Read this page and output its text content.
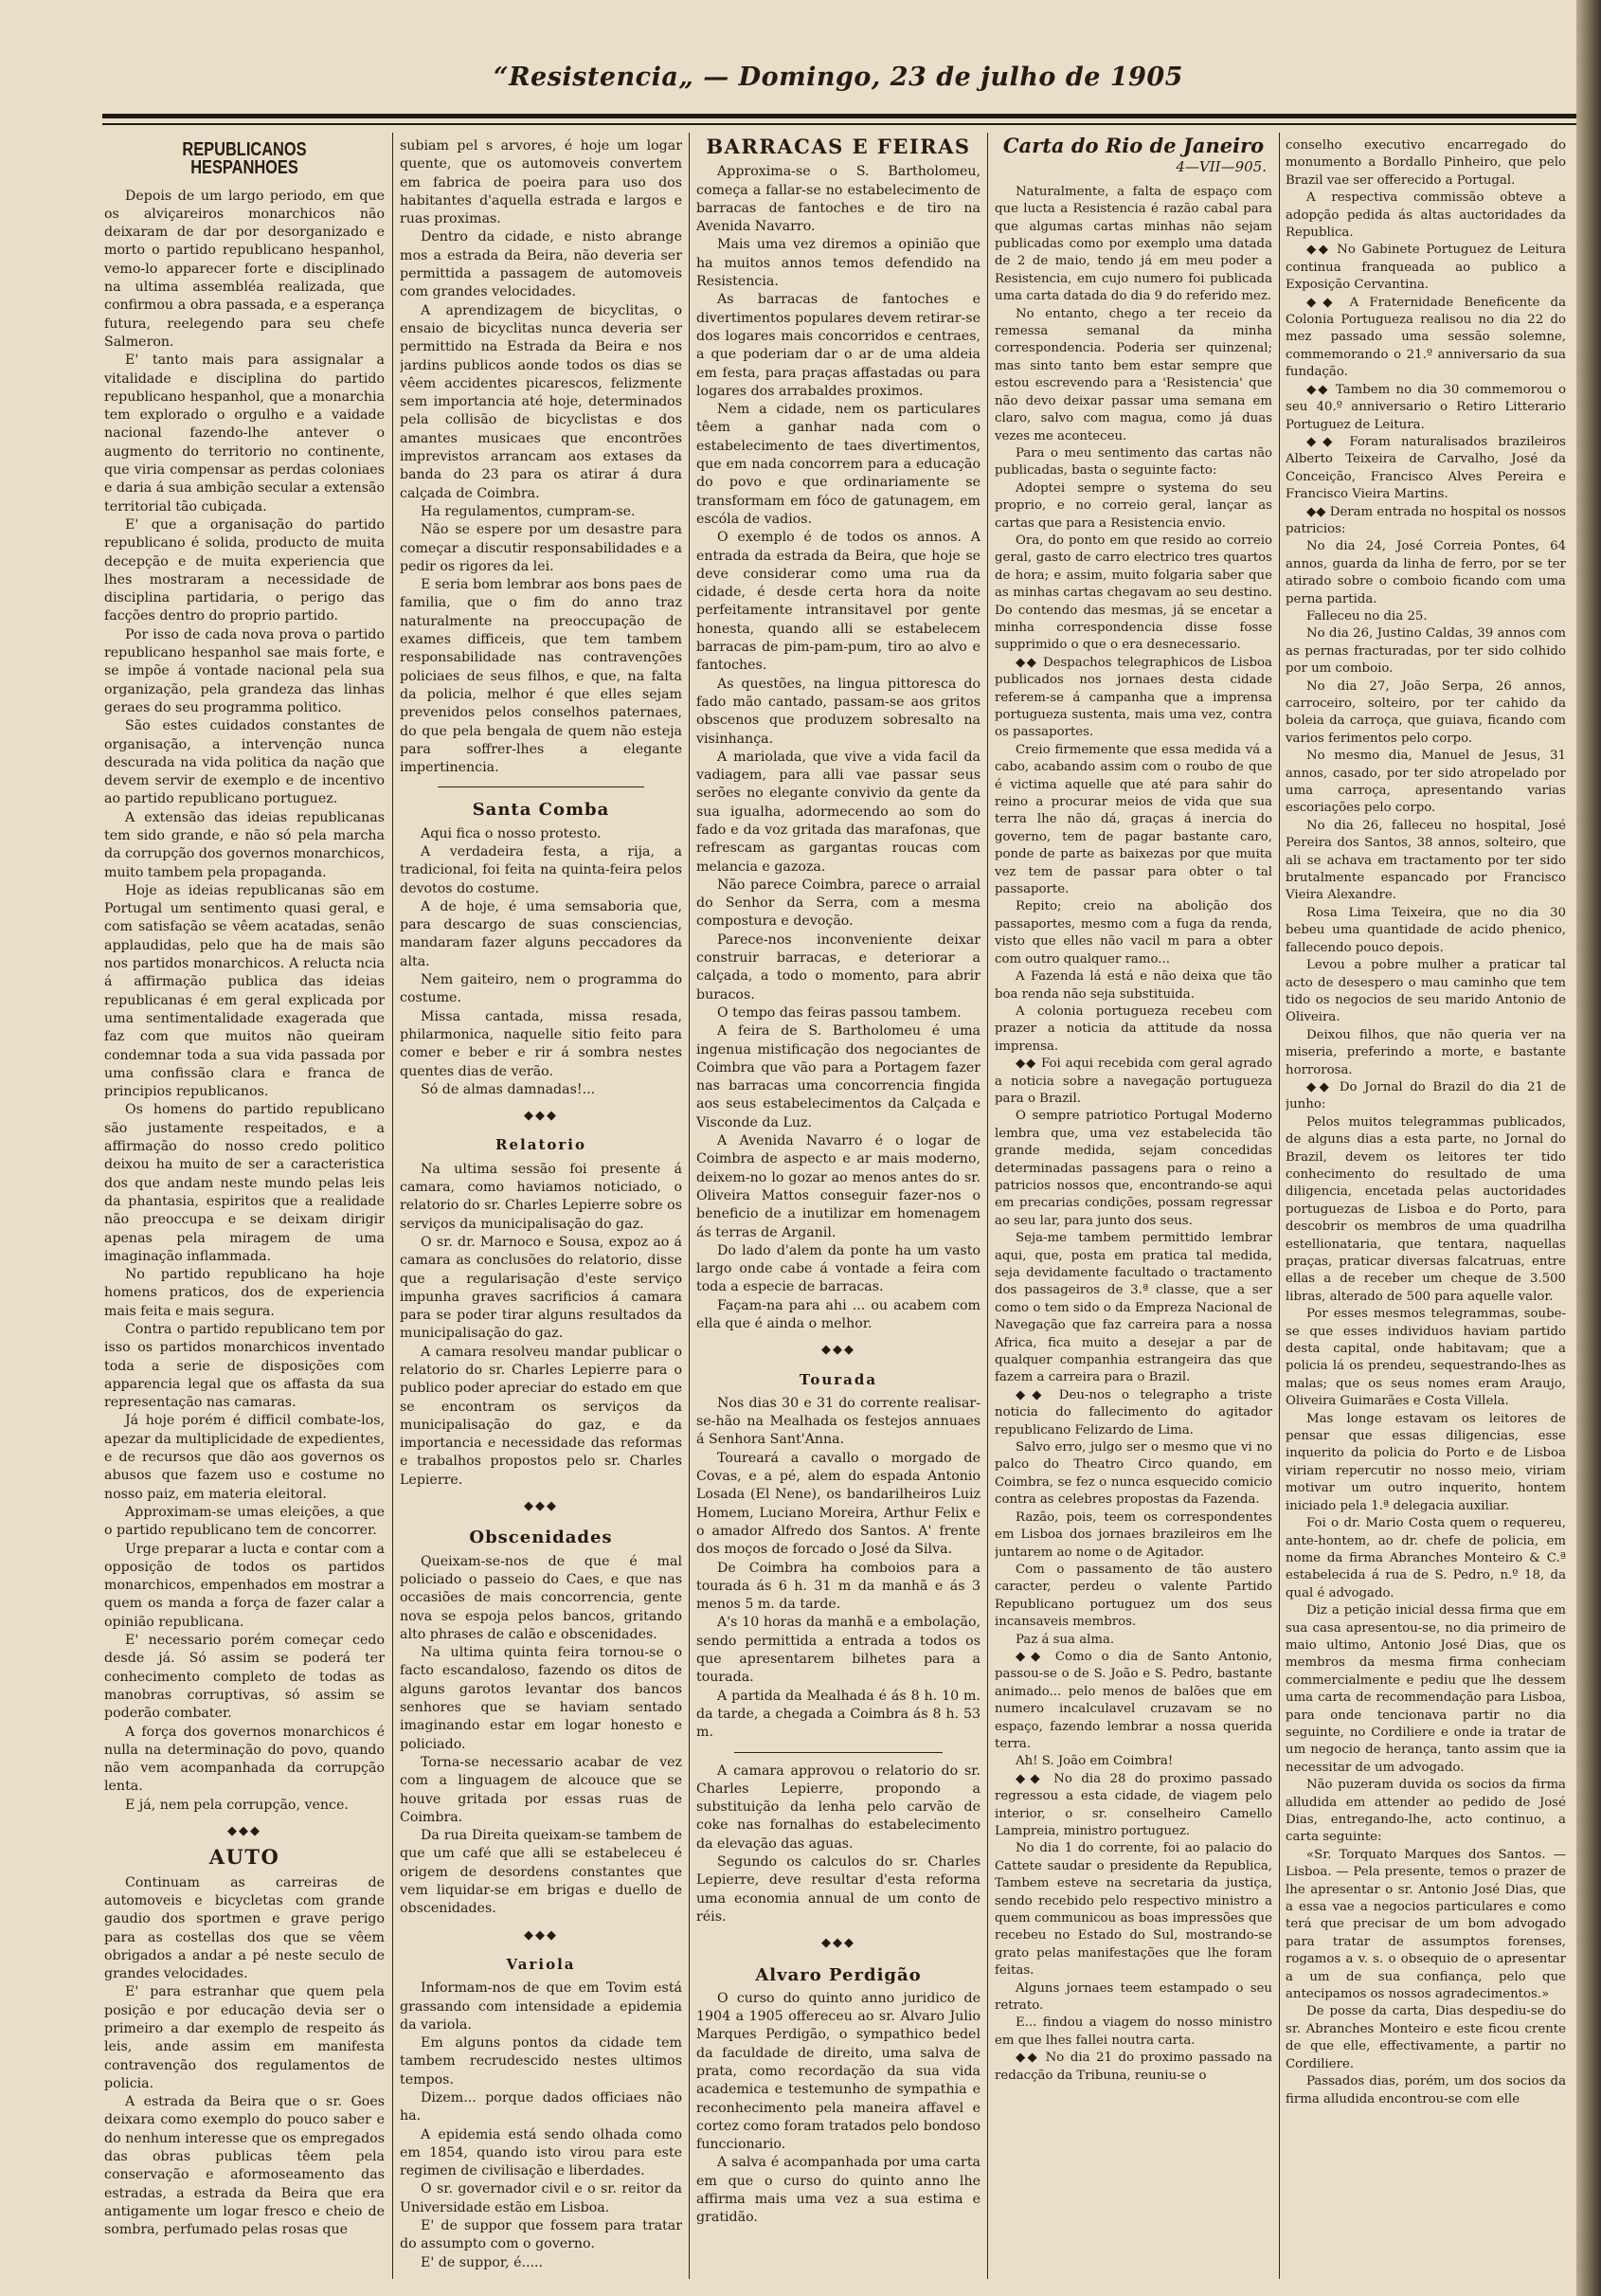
“Resistencia„ — Domingo, 23 de julho de 1905
REPUBLICANOS HESPANHOES

Depois de um largo periodo, em que os alviçareiros monarchicos não deixaram de dar por desorganizado e morto o partido republicano hespanhol, vemo-lo apparecer forte e disciplinado na ultima assembléa realizada, que confirmou a obra passada, e a esperança futura, reelegendo para seu chefe Salmeron.

E' tanto mais para assignalar a vitalidade e disciplina do partido republicano hespanhol, que a monarchia tem explorado o orgulho e a vaidade nacional fazendo-lhe antever o augmento do territorio no continente, que viria compensar as perdas coloniaes e daria á sua ambição secular a extensão territorial tão cubiçada.

E' que a organisação do partido republicano é solida, producto de muita decepção e de muita experiencia que lhes mostraram a necessidade de disciplina partidaria, o perigo das facções dentro do proprio partido.

Por isso de cada nova prova o partido republicano hespanhol sae mais forte, e se impõe á vontade nacional pela sua organização, pela grandeza das linhas geraes do seu programma politico.

São estes cuidados constantes de organisação, a intervenção nunca descurada na vida politica da nação que devem servir de exemplo e de incentivo ao partido republicano portuguez.

A extensão das ideias republicanas tem sido grande, e não só pela marcha da corrupção dos governos monarchicos, muito tambem pela propaganda.

Hoje as ideias republicanas são em Portugal um sentimento quasi geral, e com satisfação se vêem acatadas, senão applaudidas, pelo que ha de mais são nos partidos monarchicos. A relucta ncia á affirmação publica das ideias republicanas é em geral explicada por uma sentimentalidade exagerada que faz com que muitos não queiram condemnar toda a sua vida passada por uma confissão clara e franca de principios republicanos.

Os homens do partido republicano são justamente respeitados, e a affirmação do nosso credo politico deixou ha muito de ser a caracteristica dos que andam neste mundo pelas leis da phantasia, espiritos que a realidade não preoccupa e se deixam dirigir apenas pela miragem de uma imaginação inflammada.

No partido republicano ha hoje homens praticos, dos de experiencia mais feita e mais segura.

Contra o partido republicano tem por isso os partidos monarchicos inventado toda a serie de disposições com apparencia legal que os affasta da sua representação nas camaras.

Já hoje porém é difficil combate-los, apezar da multiplicidade de expedientes, e de recursos que dão aos governos os abusos que fazem uso e costume no nosso paiz, em materia eleitoral.

Approximam-se umas eleições, a que o partido republicano tem de concorrer.

Urge preparar a lucta e contar com a opposição de todos os partidos monarchicos, empenhados em mostrar a quem os manda a força de fazer calar a opinião republicana.

E' necessario porém começar cedo desde já. Só assim se poderá ter conhecimento completo de todas as manobras corruptivas, só assim se poderão combater.

A força dos governos monarchicos é nulla na determinação do povo, quando não vem acompanhada da corrupção lenta.

E já, nem pela corrupção, vence.

◆◆◆
AUTO

Continuam as carreiras de automoveis e bicycletas com grande gaudio dos sportmen e grave perigo para as costellas dos que se vêem obrigados a andar a pé neste seculo de grandes velocidades.

E' para estranhar que quem pela posição e por educação devia ser o primeiro a dar exemplo de respeito ás leis, ande assim em manifesta contravenção dos regulamentos de policia.

A estrada da Beira que o sr. Goes deixara como exemplo do pouco saber e do nenhum interesse que os empregados das obras publicas têem pela conservação e aformoseamento das estradas, a estrada da Beira que era antigamente um logar fresco e cheio de sombra, perfumado pelas rosas que

subiam pel s arvores, é hoje um logar quente, que os automoveis convertem em fabrica de poeira para uso dos habitantes d'aquella estrada e largos e ruas proximas.

Dentro da cidade, e nisto abrange mos a estrada da Beira, não deveria ser permittida a passagem de automoveis com grandes velocidades.

A aprendizagem de bicyclitas, o ensaio de bicyclitas nunca deveria ser permittido na Estrada da Beira e nos jardins publicos aonde todos os dias se vêem accidentes picarescos, felizmente sem importancia até hoje, determinados pela collisão de bicyclistas e dos amantes musicaes que encontrões imprevistos arrancam aos extases da banda do 23 para os atirar á dura calçada de Coimbra.

Ha regulamentos, cumpram-se.

Não se espere por um desastre para começar a discutir responsabilidades e a pedir os rigores da lei.

E seria bom lembrar aos bons paes de familia, que o fim do anno traz naturalmente na preoccupação de exames difficeis, que tem tambem responsabilidade nas contravenções policiaes de seus filhos, e que, na falta da policia, melhor é que elles sejam prevenidos pelos conselhos paternaes, do que pela bengala de quem não esteja para soffrer-lhes a elegante impertinencia.

Santa Comba

Aqui fica o nosso protesto.

A verdadeira festa, a rija, a tradicional, foi feita na quinta-feira pelos devotos do costume.

A de hoje, é uma semsaboria que, para descargo de suas consciencias, mandaram fazer alguns peccadores da alta.

Nem gaiteiro, nem o programma do costume.

Missa cantada, missa resada, philarmonica, naquelle sitio feito para comer e beber e rir á sombra nestes quentes dias de verão.

Só de almas damnadas!...

◆◆◆
Relatorio

Na ultima sessão foi presente á camara, como haviamos noticiado, o relatorio do sr. Charles Lepierre sobre os serviços da municipalisação do gaz.

O sr. dr. Marnoco e Sousa, expoz ao á camara as conclusões do relatorio, disse que a regularisação d'este serviço impunha graves sacrificios á camara para se poder tirar alguns resultados da municipalisação do gaz.

A camara resolveu mandar publicar o relatorio do sr. Charles Lepierre para o publico poder apreciar do estado em que se encontram os serviços da municipalisação do gaz, e da importancia e necessidade das reformas e trabalhos propostos pelo sr. Charles Lepierre.

◆◆◆
Obscenidades

Queixam-se-nos de que é mal policiado o passeio do Caes, e que nas occasiões de mais concorrencia, gente nova se espoja pelos bancos, gritando alto phrases de calão e obscenidades.

Na ultima quinta feira tornou-se o facto escandaloso, fazendo os ditos de alguns garotos levantar dos bancos senhores que se haviam sentado imaginando estar em logar honesto e policiado.

Torna-se necessario acabar de vez com a linguagem de alcouce que se houve gritada por essas ruas de Coimbra.

Da rua Direita queixam-se tambem de que um café que alli se estabeleceu é origem de desordens constantes que vem liquidar-se em brigas e duello de obscenidades.

◆◆◆
Variola

Informam-nos de que em Tovim está grassando com intensidade a epidemia da variola.

Em alguns pontos da cidade tem tambem recrudescido nestes ultimos tempos.

Dizem... porque dados officiaes não ha.

A epidemia está sendo olhada como em 1854, quando isto virou para este regimen de civilisação e liberdades.

O sr. governador civil e o sr. reitor da Universidade estão em Lisboa.

E' de suppor que fossem para tratar do assumpto com o governo.

E' de suppor, é.....

BARRACAS E FEIRAS

Approxima-se o S. Bartholomeu, começa a fallar-se no estabelecimento de barracas de fantoches e de tiro na Avenida Navarro.

Mais uma vez diremos a opinião que ha muitos annos temos defendido na Resistencia.

As barracas de fantoches e divertimentos populares devem retirar-se dos logares mais concorridos e centraes, a que poderiam dar o ar de uma aldeia em festa, para praças affastadas ou para logares dos arrabaldes proximos.

Nem a cidade, nem os particulares têem a ganhar nada com o estabelecimento de taes divertimentos, que em nada concorrem para a educação do povo e que ordinariamente se transformam em fóco de gatunagem, em escóla de vadios.

O exemplo é de todos os annos. A entrada da estrada da Beira, que hoje se deve considerar como uma rua da cidade, é desde certa hora da noite perfeitamente intransitavel por gente honesta, quando alli se estabelecem barracas de pim-pam-pum, tiro ao alvo e fantoches.

As questões, na lingua pittoresca do fado mão cantado, passam-se aos gritos obscenos que produzem sobresalto na visinhança.

A mariolada, que vive a vida facil da vadiagem, para alli vae passar seus serões no elegante convivio da gente da sua igualha, adormecendo ao som do fado e da voz gritada das marafonas, que refrescam as gargantas roucas com melancia e gazoza.

Não parece Coimbra, parece o arraial do Senhor da Serra, com a mesma compostura e devoção.

Parece-nos inconveniente deixar construir barracas, e deteriorar a calçada, a todo o momento, para abrir buracos.

O tempo das feiras passou tambem.

A feira de S. Bartholomeu é uma ingenua mistificação dos negociantes de Coimbra que vão para a Portagem fazer nas barracas uma concorrencia fingida aos seus estabelecimentos da Calçada e Visconde da Luz.

A Avenida Navarro é o logar de Coimbra de aspecto e ar mais moderno, deixem-no lo gozar ao menos antes do sr. Oliveira Mattos conseguir fazer-nos o beneficio de a inutilizar em homenagem ás terras de Arganil.

Do lado d'alem da ponte ha um vasto largo onde cabe á vontade a feira com toda a especie de barracas.

Façam-na para ahi ... ou acabem com ella que é ainda o melhor.

◆◆◆
Tourada

Nos dias 30 e 31 do corrente realisar-se-hão na Mealhada os festejos annuaes á Senhora Sant'Anna.

Toureará a cavallo o morgado de Covas, e a pé, alem do espada Antonio Losada (El Nene), os bandarilheiros Luiz Homem, Luciano Moreira, Arthur Felix e o amador Alfredo dos Santos. A' frente dos moços de forcado o José da Silva.

De Coimbra ha comboios para a tourada ás 6 h. 31 m da manhã e ás 3 menos 5 m. da tarde.

A's 10 horas da manhã e a embolação, sendo permittida a entrada a todos os que apresentarem bilhetes para a tourada.

A partida da Mealhada é ás 8 h. 10 m. da tarde, a chegada a Coimbra ás 8 h. 53 m.

A camara approvou o relatorio do sr. Charles Lepierre, propondo a substituição da lenha pelo carvão de coke nas fornalhas do estabelecimento da elevação das aguas.

Segundo os calculos do sr. Charles Lepierre, deve resultar d'esta reforma uma economia annual de um conto de réis.

◆◆◆
Alvaro Perdigão

O curso do quinto anno juridico de 1904 a 1905 offereceu ao sr. Alvaro Julio Marques Perdigão, o sympathico bedel da faculdade de direito, uma salva de prata, como recordação da sua vida academica e testemunho de sympathia e reconhecimento pela maneira affavel e cortez como foram tratados pelo bondoso funccionario.

A salva é acompanhada por uma carta em que o curso do quinto anno lhe affirma mais uma vez a sua estima e gratidão.

Carta do Rio de Janeiro
4—VII—905.

Naturalmente, a falta de espaço com que lucta a Resistencia é razão cabal para que algumas cartas minhas não sejam publicadas como por exemplo uma datada de 2 de maio, tendo já em meu poder a Resistencia, em cujo numero foi publicada uma carta datada do dia 9 do referido mez.

No entanto, chego a ter receio da remessa semanal da minha correspondencia. Poderia ser quinzenal; mas sinto tanto bem estar sempre que estou escrevendo para a 'Resistencia' que não devo deixar passar uma semana em claro, salvo com magua, como já duas vezes me aconteceu.

Para o meu sentimento das cartas não publicadas, basta o seguinte facto:

Adoptei sempre o systema do seu proprio, e no correio geral, lançar as cartas que para a Resistencia envio.

Ora, do ponto em que resido ao correio geral, gasto de carro electrico tres quartos de hora; e assim, muito folgaria saber que as minhas cartas chegavam ao seu destino. Do contendo das mesmas, já se encetar a minha correspondencia disse fosse supprimido o que o era desnecessario.

◆◆ Despachos telegraphicos de Lisboa publicados nos jornaes desta cidade referem-se á campanha que a imprensa portugueza sustenta, mais uma vez, contra os passaportes.

Creio firmemente que essa medida vá a cabo, acabando assim com o roubo de que é victima aquelle que até para sahir do reino a procurar meios de vida que sua terra lhe não dá, graças á inercia do governo, tem de pagar bastante caro, ponde de parte as baixezas por que muita vez tem de passar para obter o tal passaporte.

Repito; creio na abolição dos passaportes, mesmo com a fuga da renda, visto que elles não vacil m para a obter com outro qualquer ramo...

A Fazenda lá está e não deixa que tão boa renda não seja substituida.

A colonia portugueza recebeu com prazer a noticia da attitude da nossa imprensa.

◆◆ Foi aqui recebida com geral agrado a noticia sobre a navegação portugueza para o Brazil.

O sempre patriotico Portugal Moderno lembra que, uma vez estabelecida tão grande medida, sejam concedidas determinadas passagens para o reino a patricios nossos que, encontrando-se aqui em precarias condições, possam regressar ao seu lar, para junto dos seus.

Seja-me tambem permittido lembrar aqui, que, posta em pratica tal medida, seja devidamente facultado o tractamento dos passageiros de 3.ª classe, que a ser como o tem sido o da Empreza Nacional de Navegação que faz carreira para a nossa Africa, fica muito a desejar a par de qualquer companhia estrangeira das que fazem a carreira para o Brazil.

◆◆ Deu-nos o telegrapho a triste noticia do fallecimento do agitador republicano Felizardo de Lima.

Salvo erro, julgo ser o mesmo que vi no palco do Theatro Circo quando, em Coimbra, se fez o nunca esquecido comicio contra as celebres propostas da Fazenda.

Razão, pois, teem os correspondentes em Lisboa dos jornaes brazileiros em lhe juntarem ao nome o de Agitador.

Com o passamento de tão austero caracter, perdeu o valente Partido Republicano portuguez um dos seus incansaveis membros.

Paz á sua alma.

◆◆ Como o dia de Santo Antonio, passou-se o de S. João e S. Pedro, bastante animado... pelo menos de balões que em numero incalculavel cruzavam se no espaço, fazendo lembrar a nossa querida terra.

Ah! S. João em Coimbra!

◆◆ No dia 28 do proximo passado regressou a esta cidade, de viagem pelo interior, o sr. conselheiro Camello Lampreia, ministro portuguez.

No dia 1 do corrente, foi ao palacio do Cattete saudar o presidente da Republica, Tambem esteve na secretaria da justiça, sendo recebido pelo respectivo ministro a quem communicou as boas impressões que recebeu no Estado do Sul, mostrando-se grato pelas manifestações que lhe foram feitas.

Alguns jornaes teem estampado o seu retrato.

E... findou a viagem do nosso ministro em que lhes fallei noutra carta.

◆◆ No dia 21 do proximo passado na redacção da Tribuna, reuniu-se o

conselho executivo encarregado do monumento a Bordallo Pinheiro, que pelo Brazil vae ser offerecido a Portugal.

A respectiva commissão obteve a adopção pedida ás altas auctoridades da Republica.

◆◆ No Gabinete Portuguez de Leitura continua franqueada ao publico a Exposição Cervantina.

◆◆ A Fraternidade Beneficente da Colonia Portugueza realisou no dia 22 do mez passado uma sessão solemne, commemorando o 21.º anniversario da sua fundação.

◆◆ Tambem no dia 30 commemorou o seu 40.º anniversario o Retiro Litterario Portuguez de Leitura.

◆◆ Foram naturalisados brazileiros Alberto Teixeira de Carvalho, José da Conceição, Francisco Alves Pereira e Francisco Vieira Martins.

◆◆ Deram entrada no hospital os nossos patricios:

No dia 24, José Correia Pontes, 64 annos, guarda da linha de ferro, por se ter atirado sobre o comboio ficando com uma perna partida.

Falleceu no dia 25.

No dia 26, Justino Caldas, 39 annos com as pernas fracturadas, por ter sido colhido por um comboio.

No dia 27, João Serpa, 26 annos, carroceiro, solteiro, por ter cahido da boleia da carroça, que guiava, ficando com varios ferimentos pelo corpo.

No mesmo dia, Manuel de Jesus, 31 annos, casado, por ter sido atropelado por uma carroça, apresentando varias escoriações pelo corpo.

No dia 26, falleceu no hospital, José Pereira dos Santos, 38 annos, solteiro, que ali se achava em tractamento por ter sido brutalmente espancado por Francisco Vieira Alexandre.

Rosa Lima Teixeira, que no dia 30 bebeu uma quantidade de acido phenico, fallecendo pouco depois.

Levou a pobre mulher a praticar tal acto de desespero o mau caminho que tem tido os negocios de seu marido Antonio de Oliveira.

Deixou filhos, que não queria ver na miseria, preferindo a morte, e bastante horrorosa.

◆◆ Do Jornal do Brazil do dia 21 de junho:

Pelos muitos telegrammas publicados, de alguns dias a esta parte, no Jornal do Brazil, devem os leitores ter tido conhecimento do resultado de uma diligencia, encetada pelas auctoridades portuguezas de Lisboa e do Porto, para descobrir os membros de uma quadrilha estellionataria, que tentara, naquellas praças, praticar diversas falcatruas, entre ellas a de receber um cheque de 3.500 libras, alterado de 500 para aquelle valor.

Por esses mesmos telegrammas, soube-se que esses individuos haviam partido desta capital, onde habitavam; que a policia lá os prendeu, sequestrando-lhes as malas; que os seus nomes eram Araujo, Oliveira Guimarães e Costa Villela.

Mas longe estavam os leitores de pensar que essas diligencias, esse inquerito da policia do Porto e de Lisboa viriam repercutir no nosso meio, viriam motivar um outro inquerito, hontem iniciado pela 1.ª delegacia auxiliar.

Foi o dr. Mario Costa quem o requereu, ante-hontem, ao dr. chefe de policia, em nome da firma Abranches Monteiro & C.ª estabelecida á rua de S. Pedro, n.º 18, da qual é advogado.

Diz a petição inicial dessa firma que em sua casa apresentou-se, no dia primeiro de maio ultimo, Antonio José Dias, que os membros da mesma firma conheciam commercialmente e pediu que lhe dessem uma carta de recommendação para Lisboa, para onde tencionava partir no dia seguinte, no Cordiliere e onde ia tratar de um negocio de herança, tanto assim que ia necessitar de um advogado.

Não puzeram duvida os socios da firma alludida em attender ao pedido de José Dias, entregando-lhe, acto continuo, a carta seguinte:

«Sr. Torquato Marques dos Santos. — Lisboa. — Pela presente, temos o prazer de lhe apresentar o sr. Antonio José Dias, que a essa vae a negocios particulares e como terá que precisar de um bom advogado para tratar de assumptos forenses, rogamos a v. s. o obsequio de o apresentar a um de sua confiança, pelo que antecipamos os nossos agradecimentos.»

De posse da carta, Dias despediu-se do sr. Abranches Monteiro e este ficou crente de que elle, effectivamente, a partir no Cordiliere.

Passados dias, porém, um dos socios da firma alludida encontrou-se com elle
